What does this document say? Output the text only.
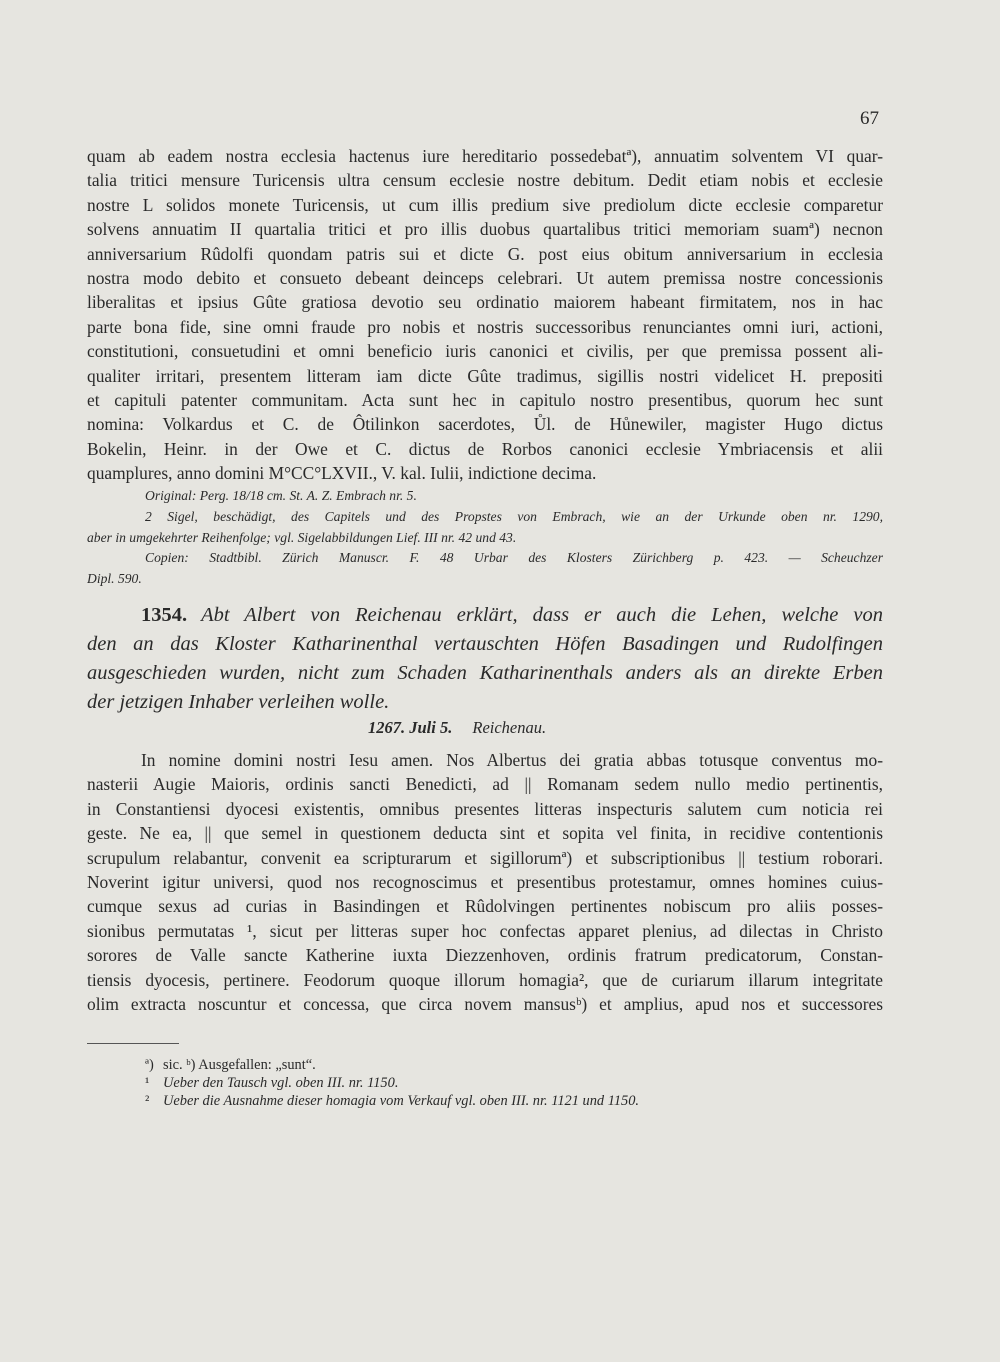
67
quam ab eadem nostra ecclesia hactenus iure hereditario possedebatª), annuatim solventem VI quar-
talia tritici mensure Turicensis ultra censum ecclesie nostre debitum. Dedit etiam nobis et ecclesie
nostre L solidos monete Turicensis, ut cum illis predium sive prediolum dicte ecclesie comparetur
solvens annuatim II quartalia tritici et pro illis duobus quartalibus tritici memoriam suamª) necnon
anniversarium Rûdolfi quondam patris sui et dicte G. post eius obitum anniversarium in ecclesia
nostra modo debito et consueto debeant deinceps celebrari. Ut autem premissa nostre concessionis
liberalitas et ipsius Gûte gratiosa devotio seu ordinatio maiorem habeant firmitatem, nos in hac
parte bona fide, sine omni fraude pro nobis et nostris successoribus renunciantes omni iuri, actioni,
constitutioni, consuetudini et omni beneficio iuris canonici et civilis, per que premissa possent ali-
qualiter irritari, presentem litteram iam dicte Gûte tradimus, sigillis nostri videlicet H. prepositi
et capituli patenter communitam. Acta sunt hec in capitulo nostro presentibus, quorum hec sunt
nomina: Volkardus et C. de Ôtilinkon sacerdotes, Ůl. de Hůnewiler, magister Hugo dictus
Bokelin, Heinr. in der Owe et C. dictus de Rorbos canonici ecclesie Ymbriacensis et alii
quamplures, anno domini M°CC°LXVII., V. kal. Iulii, indictione decima.
Original: Perg. 18/18 cm. St. A. Z. Embrach nr. 5.
2 Sigel, beschädigt, des Capitels und des Propstes von Embrach, wie an der Urkunde oben nr. 1290,
aber in umgekehrter Reihenfolge; vgl. Sigelabbildungen Lief. III nr. 42 und 43.
Copien: Stadtbibl. Zürich Manuscr. F. 48 Urbar des Klosters Zürichberg p. 423. — Scheuchzer
Dipl. 590.
1354. Abt Albert von Reichenau erklärt, dass er auch die Lehen, welche von
den an das Kloster Katharinenthal vertauschten Höfen Basadingen und Rudolfingen
ausgeschieden wurden, nicht zum Schaden Katharinenthals anders als an direkte Erben
der jetzigen Inhaber verleihen wolle.
1267. Juli 5. Reichenau.
In nomine domini nostri Iesu amen. Nos Albertus dei gratia abbas totusque conventus mo-
nasterii Augie Maioris, ordinis sancti Benedicti, ad || Romanam sedem nullo medio pertinentis,
in Constantiensi dyocesi existentis, omnibus presentes litteras inspecturis salutem cum noticia rei
geste. Ne ea, || que semel in questionem deducta sint et sopita vel finita, in recidive contentionis
scrupulum relabantur, convenit ea scripturarum et sigillorumª) et subscriptionibus || testium roborari.
Noverint igitur universi, quod nos recognoscimus et presentibus protestamur, omnes homines cuius-
cumque sexus ad curias in Basindingen et Rûdolvingen pertinentes nobiscum pro aliis posses-
sionibus permutatas ¹, sicut per litteras super hoc confectas apparet plenius, ad dilectas in Christo
sorores de Valle sancte Katherine iuxta Diezzenhoven, ordinis fratrum predicatorum, Constan-
tiensis dyocesis, pertinere. Feodorum quoque illorum homagia², que de curiarum illarum integritate
olim extracta noscuntur et concessa, que circa novem mansusᵇ) et amplius, apud nos et successores
ª) sic. ᵇ) Ausgefallen: „sunt“.
¹ Ueber den Tausch vgl. oben III. nr. 1150.
² Ueber die Ausnahme dieser homagia vom Verkauf vgl. oben III. nr. 1121 und 1150.
